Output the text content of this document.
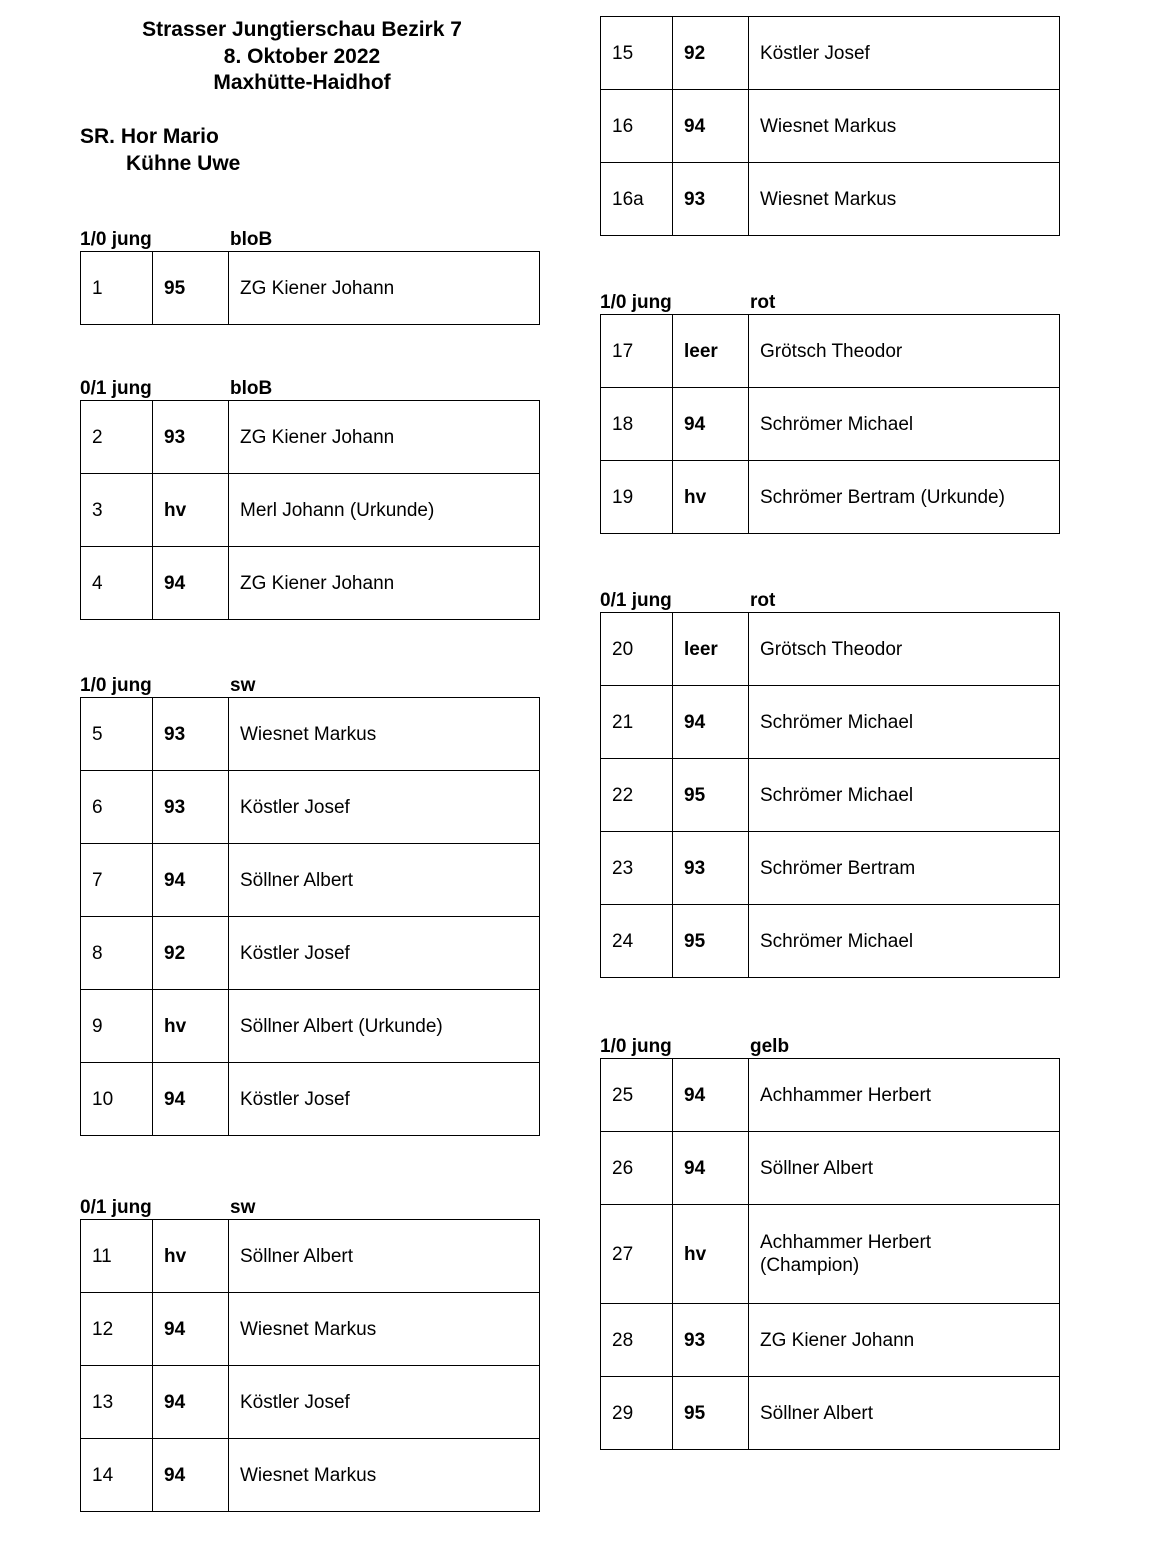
Strasser Jungtierschau Bezirk 7
8. Oktober 2022
Maxhütte-Haidhof
SR. Hor Mario
Kühne Uwe
1/0 jung	bloB
1	95	ZG Kiener Johann
0/1 jung	bloB
2	93	ZG Kiener Johann

3	hv	Merl Johann (Urkunde)

4	94	ZG Kiener Johann
1/0 jung	sw
5	93	Wiesnet Markus

6	93	Köstler Josef

7	94	Söllner Albert

8	92	Köstler Josef

9	hv	Söllner Albert (Urkunde)

10	94	Köstler Josef
0/1 jung	sw
11	hv	Söllner Albert

12	94	Wiesnet Markus

13	94	Köstler Josef

14	94	Wiesnet Markus
15	92	Köstler Josef

16	94	Wiesnet Markus

16a	93	Wiesnet Markus
1/0 jung	rot
17	leer	Grötsch Theodor

18	94	Schrömer Michael

19	hv	Schrömer Bertram (Urkunde)
0/1 jung	rot
20	leer	Grötsch Theodor

21	94	Schrömer Michael

22	95	Schrömer Michael

23	93	Schrömer Bertram

24	95	Schrömer Michael
1/0 jung	gelb
25	94	Achhammer Herbert

26	94	Söllner Albert

27	hv	Achhammer Herbert
(Champion)

28	93	ZG Kiener Johann

29	95	Söllner Albert
